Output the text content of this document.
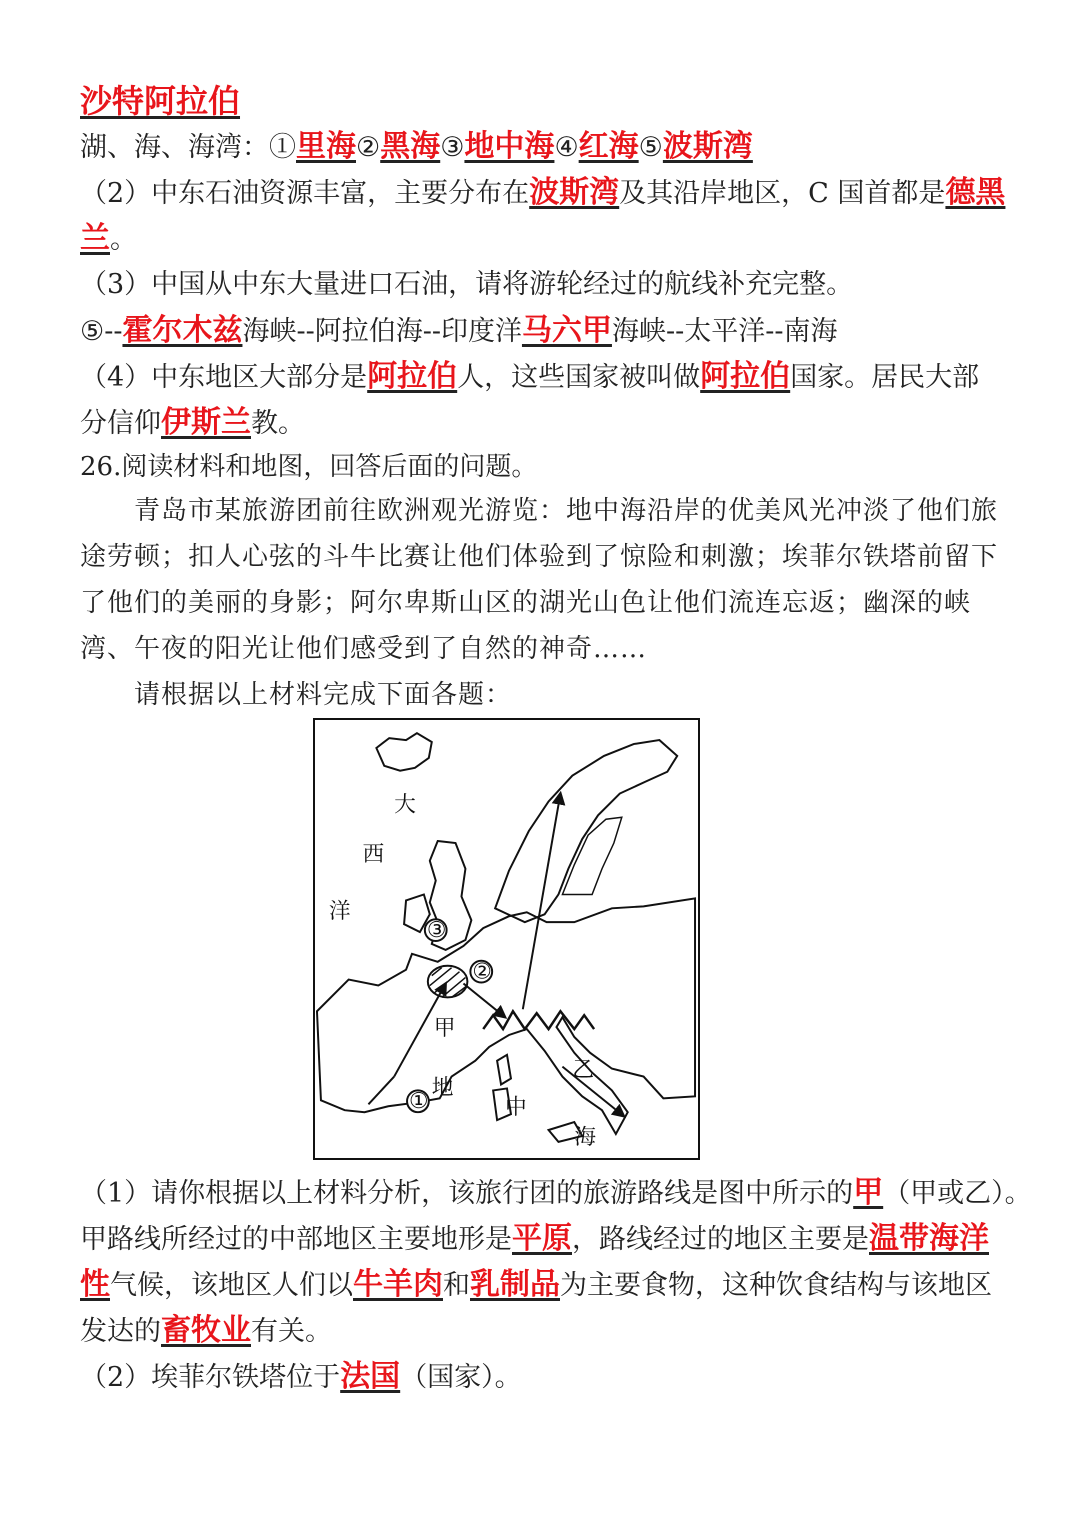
沙特阿拉伯
湖、海、海湾：①里海②黑海③地中海④红海⑤波斯湾
（2）中东石油资源丰富，主要分布在波斯湾及其沿岸地区，C 国首都是德黑
兰。
（3）中国从中东大量进口石油，请将游轮经过的航线补充完整。
⑤--霍尔木兹海峡--阿拉伯海--印度洋马六甲海峡--太平洋--南海
（4）中东地区大部分是阿拉伯人，这些国家被叫做阿拉伯国家。居民大部
分信仰伊斯兰教。
26.阅读材料和地图，回答后面的问题。
青岛市某旅游团前往欧洲观光游览：地中海沿岸的优美风光冲淡了他们旅途劳顿；扣人心弦的斗牛比赛让他们体验到了惊险和刺激；埃菲尔铁塔前留下了他们的美丽的身影；阿尔卑斯山区的湖光山色让他们流连忘返；幽深的峡湾、午夜的阳光让他们感受到了自然的神奇……
请根据以上材料完成下面各题：
①
②
③
大
西
洋
甲
地
中
海
乙
（1）请你根据以上材料分析，该旅行团的旅游路线是图中所示的甲（甲或乙）。
甲路线所经过的中部地区主要地形是平原，路线经过的地区主要是温带海洋
性气候，该地区人们以牛羊肉和乳制品为主要食物，这种饮食结构与该地区
发达的畜牧业有关。
（2）埃菲尔铁塔位于法国（国家）。
